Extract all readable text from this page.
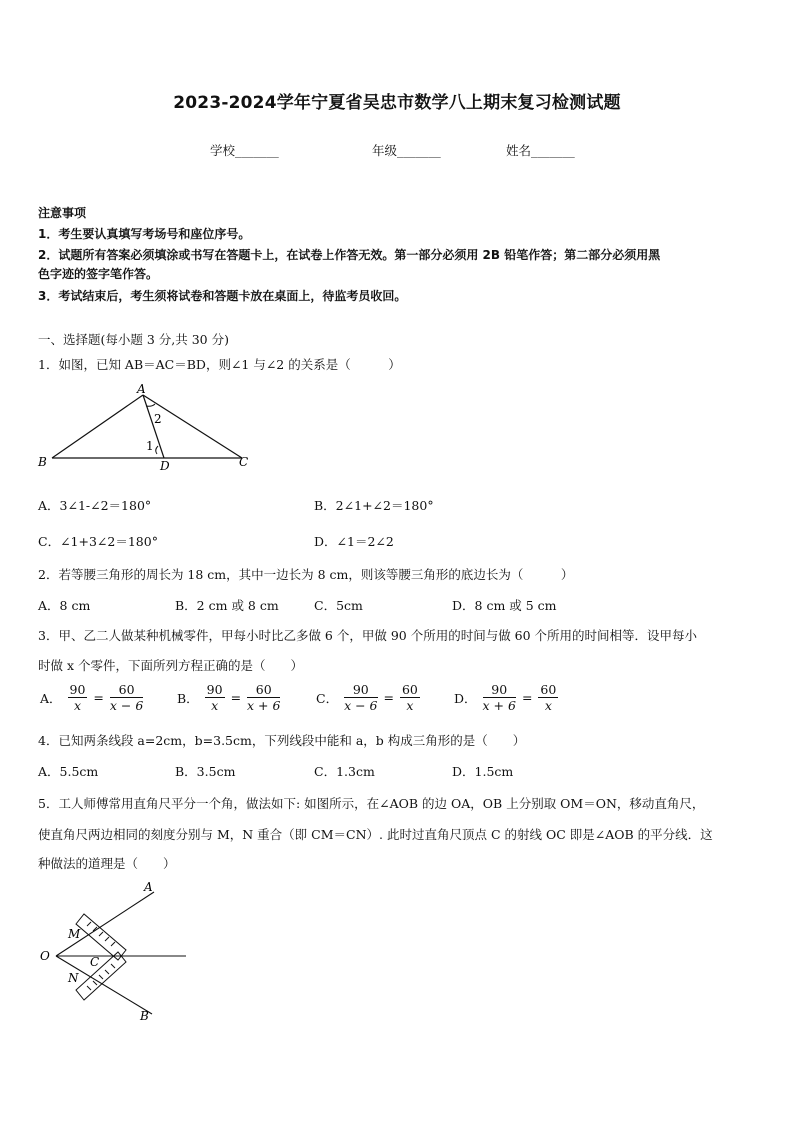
2023-2024学年宁夏省吴忠市数学八上期末复习检测试题
学校_______	年级_______	姓名_______
注意事项
1．考生要认真填写考场号和座位序号。
2．试题所有答案必须填涂或书写在答题卡上，在试卷上作答无效。第一部分必须用 2B 铅笔作答；第二部分必须用黑
色字迹的签字笔作答。
3．考试结束后，考生须将试卷和答题卡放在桌面上，待监考员收回。
一、选择题(每小题 3 分,共 30 分)
1．如图，已知 AB＝AC＝BD，则∠1 与∠2 的关系是（　　　）
A
B	C
D
1
2
A．3∠1-∠2＝180°	B．2∠1+∠2＝180°
C．∠1+3∠2＝180°	D．∠1＝2∠2
2．若等腰三角形的周长为 18 cm，其中一边长为 8 cm，则该等腰三角形的底边长为（　　　）
A．8 cm	B．2 cm 或 8 cm	C．5cm	D．8 cm 或 5 cm
3．甲、乙二人做某种机械零件，甲每小时比乙多做 6 个，甲做 90 个所用的时间与做 60 个所用的时间相等．设甲每小
时做 x 个零件，下面所列方程正确的是（　　）
A． $\frac{90}{x} = \frac{60}{x - 6}$	B． $\frac{90}{x} = \frac{60}{x + 6}$	C． $\frac{90}{x - 6} = \frac{60}{x}$	D． $\frac{90}{x + 6} = \frac{60}{x}$
4．已知两条线段 a=2cm，b=3.5cm，下列线段中能和 a，b 构成三角形的是（　　）
A．5.5cm	B．3.5cm	C．1.3cm	D．1.5cm
5．工人师傅常用直角尺平分一个角，做法如下: 如图所示，在∠AOB 的边 OA，OB 上分别取 OM＝ON，移动直角尺，
使直角尺两边相同的刻度分别与 M，N 重合（即 CM＝CN）. 此时过直角尺顶点 C 的射线 OC 即是∠AOB 的平分线．这
种做法的道理是（　　）
A
B
O
M
N
C
